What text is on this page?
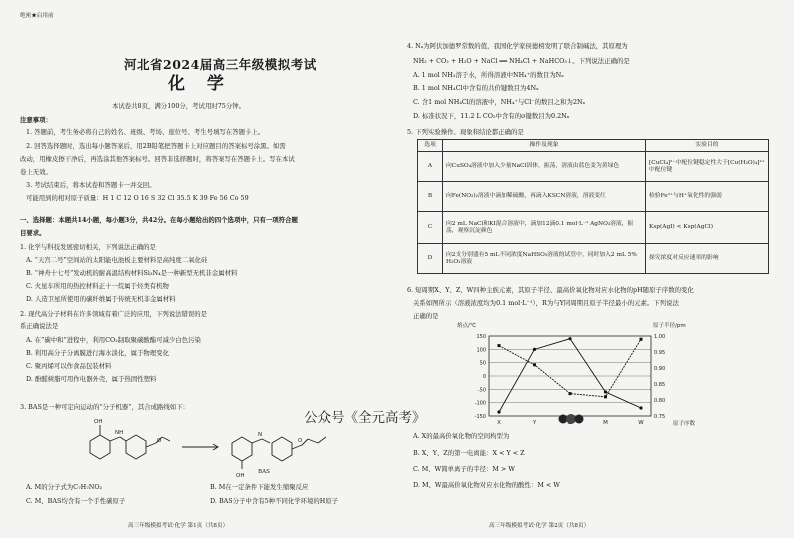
绝密★启用前
河北省2024届高三年级模拟考试
化 学
本试卷共8页，满分100分，考试用时75分钟。
注意事项：
1. 答题前，考生务必将自己的姓名、班级、考场、座位号、考生号填写在答题卡上。
2. 回答选择题时，选出每小题答案后，用2B铅笔把答题卡上对应题目的答案标号涂黑。如需
改动，用橡皮擦干净后，再选涂其他答案标号。回答非选择题时，将答案写在答题卡上。写在本试
卷上无效。
3. 考试结束后，将本试卷和答题卡一并交回。
可能用到的相对原子质量：H 1 C 12 O 16 S 32 Cl 35.5 K 39 Fe 56 Co 59
一、选择题：本题共14小题，每小题3分，共42分。在每小题给出的四个选项中，只有一项符合题
目要求。
1. 化学与科技发展密切相关，下列说法正确的是
A. “天宫二号”空间站的太阳能电池板主要材料是高纯度二氧化硅
B. “神舟十七号”发动机的耐高温结构材料Si₃N₄是一种新型无机非金属材料
C. 火星车所用的热控材料正十一烷属于烃类有机物
D. 人造卫星所使用的碳纤维属于传统无机非金属材料
2. 现代高分子材料在许多领域有着广泛的应用，下列说法错误的是
系正确说法是
A. 在“碳中和”进程中，利用CO₂制取聚碳酸酯可减少白色污染
B. 利用高分子分离膜进行海水淡化，属于物理变化
C. 聚丙烯可以作食品包装材料
D. 酚醛树脂可用作电器外壳，属于热固性塑料
3. BAS是一种可定向运动的“分子机器”，其合成路线如下：
OH
NH
O
OH
N
O
BAS
A. M的分子式为C₇H₇NO₂	B. M在一定条件下能发生缩聚反应
C. M、BAS均含有一个手性碳原子	D. BAS分子中含有5种不同化学环境的H原子
高三年级模拟考试·化学 第1页（共8页）
4. Nₐ为阿伏加德罗常数的值，我国化学家侯德榜发明了联合制碱法，其原理为
NH₃ + CO₂ + H₂O + NaCl ══ NH₄Cl + NaHCO₃↓。下列说法正确的是
A. 1 mol NH₃溶于水，所得溶液中NH₄⁺的数目为Nₐ
B. 1 mol NH₄Cl中含有的共价键数目为4Nₐ
C. 含1 mol NH₄Cl的溶液中，NH₄⁺与Cl⁻的数目之和为2Nₐ
D. 标准状况下，11.2 L CO₂中含有的σ键数目为0.2Nₐ
5. 下列实验操作、现象和结论都正确的是
选项	操作及现象	实验目的
A	向CuSO₄溶液中加入少量NaCl固体，振荡，溶液由蓝色变为黄绿色	[CuCl₄]²⁻中配位键稳定性大于[Cu(H₂O)₄]²⁺中配位键
B	向Fe(NO₃)₂溶液中滴加稀硫酸，再滴入KSCN溶液，溶液变红	检验Fe²⁺与H⁺氧化性的强弱
C	向2 mL NaCl和KI混合溶液中，滴加12滴0.1 mol·L⁻¹ AgNO₃溶液，振荡，观察沉淀颜色	Ksp(AgI) < Ksp(AgCl)
D	向2支分别盛有5 mL不同浓度NaHSO₃溶液的试管中，同时加入2 mL 5% H₂O₂溶液	探究浓度对反应速率的影响
6. 短周期X、Y、Z、W四种主族元素，其原子半径、最高价氧化物对应水化物的pH随原子序数的变化
关系如图所示（溶液浓度均为0.1 mol·L⁻¹），R为与Y同周期且原子半径最小的元素。下列说法
正确的是
熔点/℃	原子半径/pm
原子序数
150
100
50
0
-50
-100
-150
1.00
0.95
0.90
0.85
0.80
0.75
X	Y	M	W
公众号《全元高考》
A. X的最高价氧化物的空间构型为
B. X、Y、Z的第一电离能：X < Y < Z
C. M、W简单离子的半径：M > W
D. M、W最高价氧化物对应水化物的酸性：M < W
高三年级模拟考试·化学 第2页（共8页）
